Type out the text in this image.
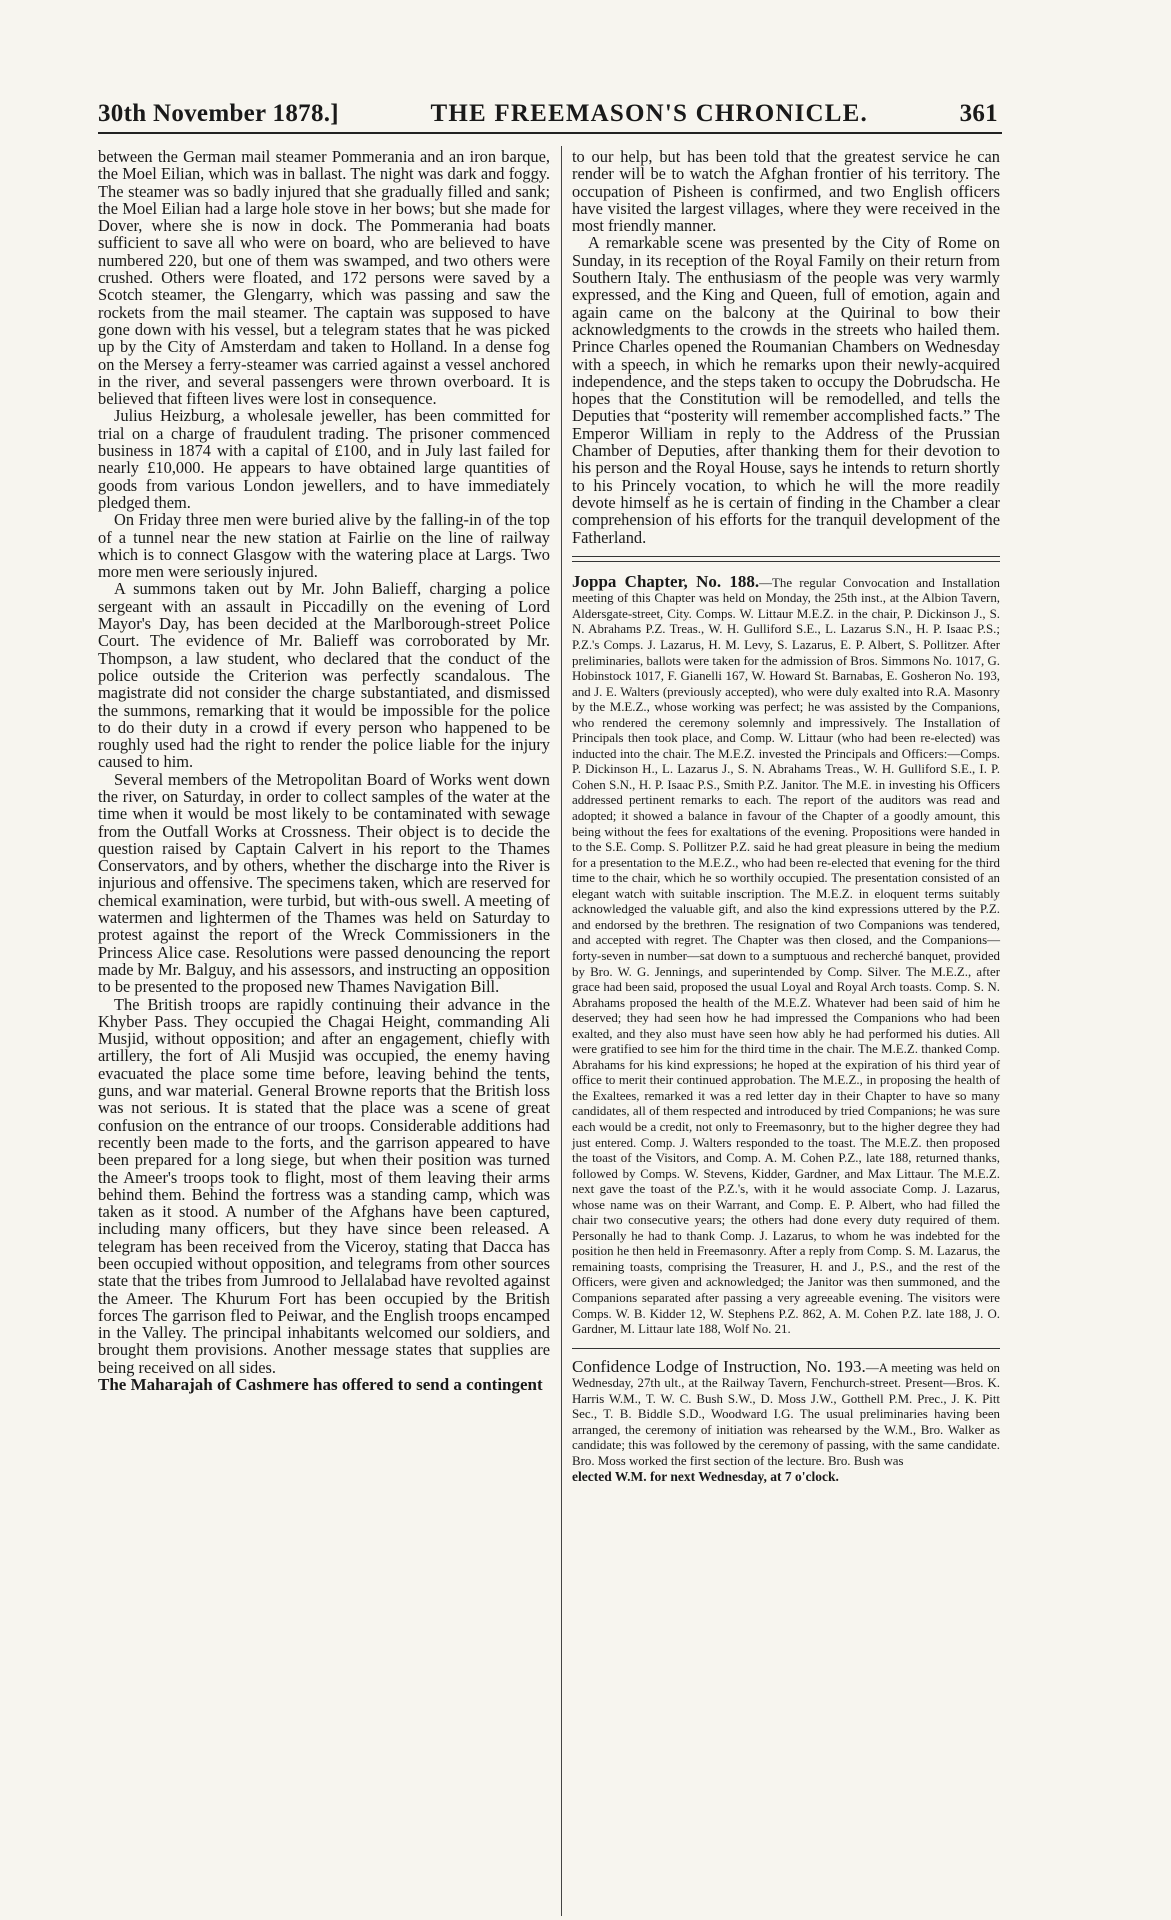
30th November 1878.]	THE FREEMASON'S CHRONICLE.	361

between the German mail steamer Pommerania and an iron barque, the Moel Eilian, which was in ballast. The night was dark and foggy. The steamer was so badly injured that she gradually filled and sank; the Moel Eilian had a large hole stove in her bows; but she made for Dover, where she is now in dock. The Pommerania had boats sufficient to save all who were on board, who are believed to have numbered 220, but one of them was swamped, and two others were crushed. Others were floated, and 172 persons were saved by a Scotch steamer, the Glengarry, which was passing and saw the rockets from the mail steamer. The captain was supposed to have gone down with his vessel, but a telegram states that he was picked up by the City of Amsterdam and taken to Holland. In a dense fog on the Mersey a ferry-steamer was carried against a vessel anchored in the river, and several passengers were thrown overboard. It is believed that fifteen lives were lost in consequence.

Julius Heizburg, a wholesale jeweller, has been committed for trial on a charge of fraudulent trading. The prisoner commenced business in 1874 with a capital of £100, and in July last failed for nearly £10,000. He appears to have obtained large quantities of goods from various London jewellers, and to have immediately pledged them.

On Friday three men were buried alive by the falling-in of the top of a tunnel near the new station at Fairlie on the line of railway which is to connect Glasgow with the watering place at Largs. Two more men were seriously injured.

A summons taken out by Mr. John Balieff, charging a police sergeant with an assault in Piccadilly on the evening of Lord Mayor's Day, has been decided at the Marlborough-street Police Court. The evidence of Mr. Balieff was corroborated by Mr. Thompson, a law student, who declared that the conduct of the police outside the Criterion was perfectly scandalous. The magistrate did not consider the charge substantiated, and dismissed the summons, remarking that it would be impossible for the police to do their duty in a crowd if every person who happened to be roughly used had the right to render the police liable for the injury caused to him.

Several members of the Metropolitan Board of Works went down the river, on Saturday, in order to collect samples of the water at the time when it would be most likely to be contaminated with sewage from the Outfall Works at Crossness. Their object is to decide the question raised by Captain Calvert in his report to the Thames Conservators, and by others, whether the discharge into the River is injurious and offensive. The specimens taken, which are reserved for chemical examination, were turbid, but with-ous swell. A meeting of watermen and lightermen of the Thames was held on Saturday to protest against the report of the Wreck Commissioners in the Princess Alice case. Resolutions were passed denouncing the report made by Mr. Balguy, and his assessors, and instructing an opposition to be presented to the proposed new Thames Navigation Bill.

The British troops are rapidly continuing their advance in the Khyber Pass. They occupied the Chagai Height, commanding Ali Musjid, without opposition; and after an engagement, chiefly with artillery, the fort of Ali Musjid was occupied, the enemy having evacuated the place some time before, leaving behind the tents, guns, and war material. General Browne reports that the British loss was not serious. It is stated that the place was a scene of great confusion on the entrance of our troops. Considerable additions had recently been made to the forts, and the garrison appeared to have been prepared for a long siege, but when their position was turned the Ameer's troops took to flight, most of them leaving their arms behind them. Behind the fortress was a standing camp, which was taken as it stood. A number of the Afghans have been captured, including many officers, but they have since been released. A telegram has been received from the Viceroy, stating that Dacca has been occupied without opposition, and telegrams from other sources state that the tribes from Jumrood to Jellalabad have revolted against the Ameer. The Khurum Fort has been occupied by the British forces The garrison fled to Peiwar, and the English troops encamped in the Valley. The principal inhabitants welcomed our soldiers, and brought them provisions. Another message states that supplies are being received on all sides.

The Maharajah of Cashmere has offered to send a contingent

to our help, but has been told that the greatest service he can render will be to watch the Afghan frontier of his territory. The occupation of Pisheen is confirmed, and two English officers have visited the largest villages, where they were received in the most friendly manner.

A remarkable scene was presented by the City of Rome on Sunday, in its reception of the Royal Family on their return from Southern Italy. The enthusiasm of the people was very warmly expressed, and the King and Queen, full of emotion, again and again came on the balcony at the Quirinal to bow their acknowledgments to the crowds in the streets who hailed them. Prince Charles opened the Roumanian Chambers on Wednesday with a speech, in which he remarks upon their newly-acquired independence, and the steps taken to occupy the Dobrudscha. He hopes that the Constitution will be remodelled, and tells the Deputies that “posterity will remember accomplished facts.” The Emperor William in reply to the Address of the Prussian Chamber of Deputies, after thanking them for their devotion to his person and the Royal House, says he intends to return shortly to his Princely vocation, to which he will the more readily devote himself as he is certain of finding in the Chamber a clear comprehension of his efforts for the tranquil development of the Fatherland.

Joppa Chapter, No. 188.—The regular Convocation and Installation meeting of this Chapter was held on Monday, the 25th inst., at the Albion Tavern, Aldersgate-street, City. Comps. W. Littaur M.E.Z. in the chair, P. Dickinson J., S. N. Abrahams P.Z. Treas., W. H. Gulliford S.E., L. Lazarus S.N., H. P. Isaac P.S.; P.Z.'s Comps. J. Lazarus, H. M. Levy, S. Lazarus, E. P. Albert, S. Pollitzer. After preliminaries, ballots were taken for the admission of Bros. Simmons No. 1017, G. Hobinstock 1017, F. Gianelli 167, W. Howard St. Barnabas, E. Gosheron No. 193, and J. E. Walters (previously accepted), who were duly exalted into R.A. Masonry by the M.E.Z., whose working was perfect; he was assisted by the Companions, who rendered the ceremony solemnly and impressively. The Installation of Principals then took place, and Comp. W. Littaur (who had been re-elected) was inducted into the chair. The M.E.Z. invested the Principals and Officers:—Comps. P. Dickinson H., L. Lazarus J., S. N. Abrahams Treas., W. H. Gulliford S.E., I. P. Cohen S.N., H. P. Isaac P.S., Smith P.Z. Janitor. The M.E. in investing his Officers addressed pertinent remarks to each. The report of the auditors was read and adopted; it showed a balance in favour of the Chapter of a goodly amount, this being without the fees for exaltations of the evening. Propositions were handed in to the S.E. Comp. S. Pollitzer P.Z. said he had great pleasure in being the medium for a presentation to the M.E.Z., who had been re-elected that evening for the third time to the chair, which he so worthily occupied. The presentation consisted of an elegant watch with suitable inscription. The M.E.Z. in eloquent terms suitably acknowledged the valuable gift, and also the kind expressions uttered by the P.Z. and endorsed by the brethren. The resignation of two Companions was tendered, and accepted with regret. The Chapter was then closed, and the Companions—forty-seven in number—sat down to a sumptuous and recherché banquet, provided by Bro. W. G. Jennings, and superintended by Comp. Silver. The M.E.Z., after grace had been said, proposed the usual Loyal and Royal Arch toasts. Comp. S. N. Abrahams proposed the health of the M.E.Z. Whatever had been said of him he deserved; they had seen how he had impressed the Companions who had been exalted, and they also must have seen how ably he had performed his duties. All were gratified to see him for the third time in the chair. The M.E.Z. thanked Comp. Abrahams for his kind expressions; he hoped at the expiration of his third year of office to merit their continued approbation. The M.E.Z., in proposing the health of the Exaltees, remarked it was a red letter day in their Chapter to have so many candidates, all of them respected and introduced by tried Companions; he was sure each would be a credit, not only to Freemasonry, but to the higher degree they had just entered. Comp. J. Walters responded to the toast. The M.E.Z. then proposed the toast of the Visitors, and Comp. A. M. Cohen P.Z., late 188, returned thanks, followed by Comps. W. Stevens, Kidder, Gardner, and Max Littaur. The M.E.Z. next gave the toast of the P.Z.'s, with it he would associate Comp. J. Lazarus, whose name was on their Warrant, and Comp. E. P. Albert, who had filled the chair two consecutive years; the others had done every duty required of them. Personally he had to thank Comp. J. Lazarus, to whom he was indebted for the position he then held in Freemasonry. After a reply from Comp. S. M. Lazarus, the remaining toasts, comprising the Treasurer, H. and J., P.S., and the rest of the Officers, were given and acknowledged; the Janitor was then summoned, and the Companions separated after passing a very agreeable evening. The visitors were Comps. W. B. Kidder 12, W. Stephens P.Z. 862, A. M. Cohen P.Z. late 188, J. O. Gardner, M. Littaur late 188, Wolf No. 21.

Confidence Lodge of Instruction, No. 193.—A meeting was held on Wednesday, 27th ult., at the Railway Tavern, Fenchurch-street. Present—Bros. K. Harris W.M., T. W. C. Bush S.W., D. Moss J.W., Gotthell P.M. Prec., J. K. Pitt Sec., T. B. Biddle S.D., Woodward I.G. The usual preliminaries having been arranged, the ceremony of initiation was rehearsed by the W.M., Bro. Walker as candidate; this was followed by the ceremony of passing, with the same candidate. Bro. Moss worked the first section of the lecture. Bro. Bush was

elected W.M. for next Wednesday, at 7 o'clock.
